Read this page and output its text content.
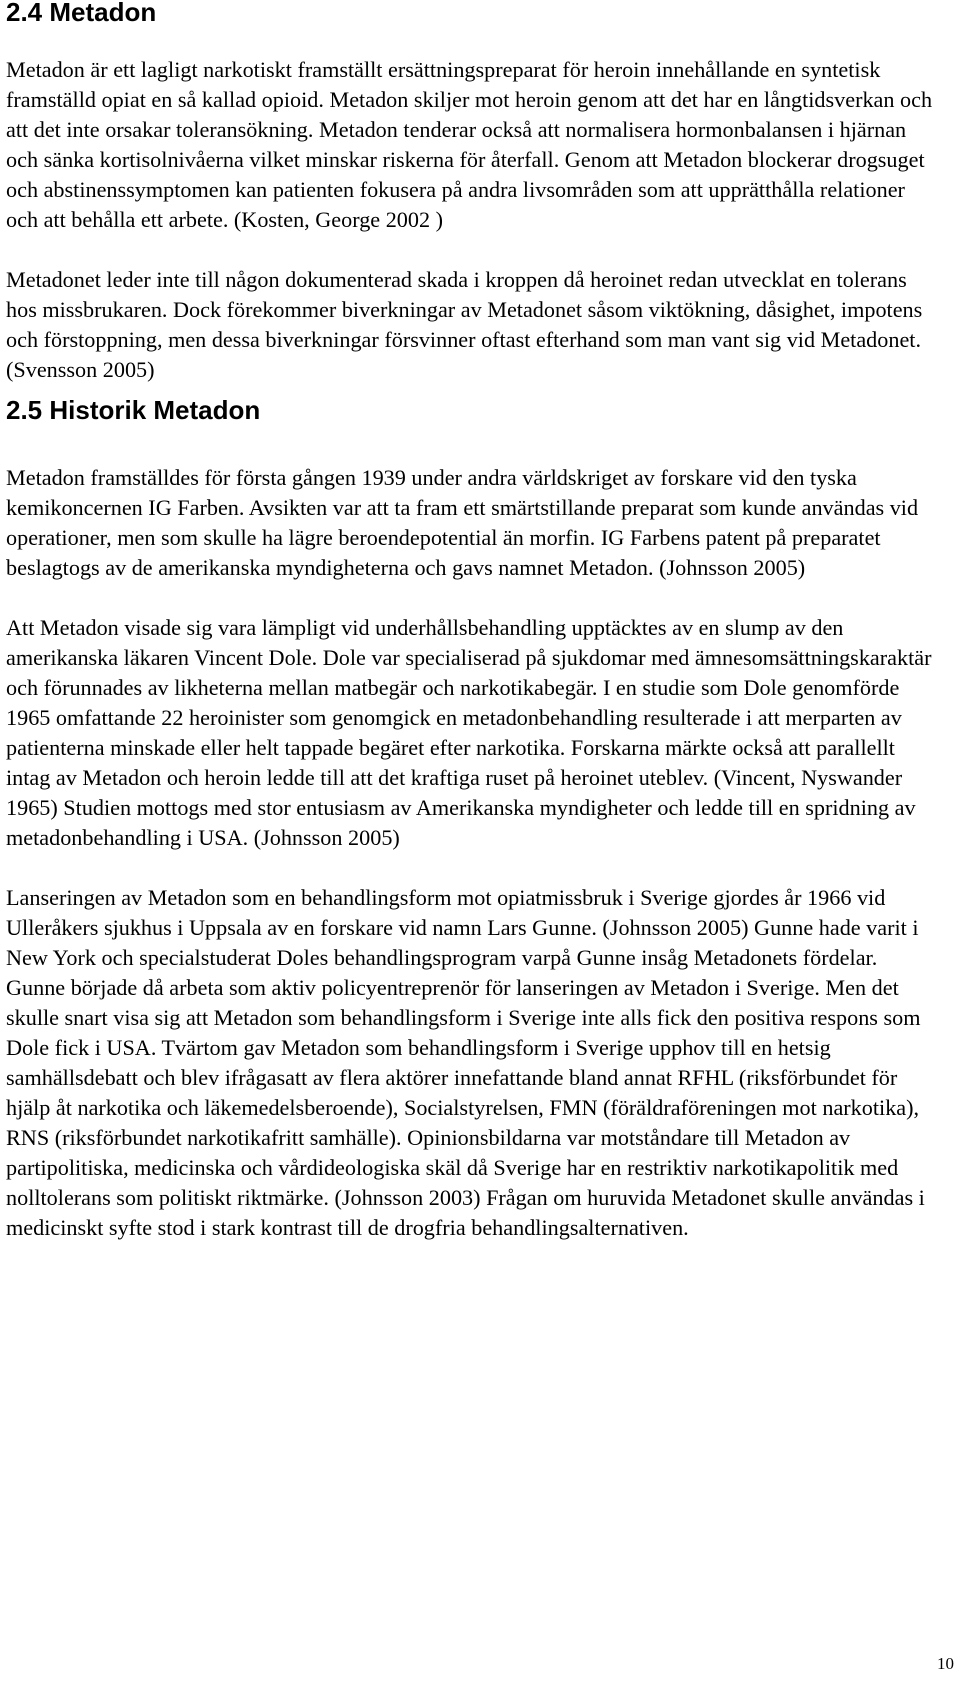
2.4 Metadon

Metadon är ett lagligt narkotiskt framställt ersättningspreparat för heroin innehållande en syntetisk framställd opiat en så kallad opioid. Metadon skiljer mot heroin genom att det har en långtidsverkan och att det inte orsakar toleransökning. Metadon tenderar också att normalisera hormonbalansen i hjärnan och sänka kortisolnivåerna vilket minskar riskerna för återfall. Genom att Metadon blockerar drogsuget och abstinenssymptomen kan patienten fokusera på andra livsområden som att upprätthålla relationer och att behålla ett arbete. (Kosten, George 2002 )

Metadonet leder inte till någon dokumenterad skada i kroppen då heroinet redan utvecklat en tolerans hos missbrukaren. Dock förekommer biverkningar av Metadonet såsom viktökning, dåsighet, impotens och förstoppning, men dessa biverkningar försvinner oftast efterhand som man vant sig vid Metadonet. (Svensson 2005)

2.5 Historik Metadon

Metadon framställdes för första gången 1939 under andra världskriget av forskare vid den tyska kemikoncernen IG Farben. Avsikten var att ta fram ett smärtstillande preparat som kunde användas vid operationer, men som skulle ha lägre beroendepotential än morfin. IG Farbens patent på preparatet beslagtogs av de amerikanska myndigheterna och gavs namnet Metadon. (Johnsson 2005)

Att Metadon visade sig vara lämpligt vid underhållsbehandling upptäcktes av en slump av den amerikanska läkaren Vincent Dole. Dole var specialiserad på sjukdomar med ämnesomsättningskaraktär och förunnades av likheterna mellan matbegär och narkotikabegär. I en studie som Dole genomförde 1965 omfattande 22 heroinister som genomgick en metadonbehandling resulterade i att merparten av patienterna minskade eller helt tappade begäret efter narkotika. Forskarna märkte också att parallellt intag av Metadon och heroin ledde till att det kraftiga ruset på heroinet uteblev. (Vincent, Nyswander 1965) Studien mottogs med stor entusiasm av Amerikanska myndigheter och ledde till en spridning av metadonbehandling i USA. (Johnsson 2005)

Lanseringen av Metadon som en behandlingsform mot opiatmissbruk i Sverige gjordes år 1966 vid Ulleråkers sjukhus i Uppsala av en forskare vid namn Lars Gunne. (Johnsson 2005) Gunne hade varit i New York och specialstuderat Doles behandlingsprogram varpå Gunne insåg Metadonets fördelar. Gunne började då arbeta som aktiv policyentreprenör för lanseringen av Metadon i Sverige. Men det skulle snart visa sig att Metadon som behandlingsform i Sverige inte alls fick den positiva respons som Dole fick i USA. Tvärtom gav Metadon som behandlingsform i Sverige upphov till en hetsig samhällsdebatt och blev ifrågasatt av flera aktörer innefattande bland annat RFHL (riksförbundet för hjälp åt narkotika och läkemedelsberoende), Socialstyrelsen, FMN (föräldraföreningen mot narkotika), RNS (riksförbundet narkotikafritt samhälle). Opinionsbildarna var motståndare till Metadon av partipolitiska, medicinska och vårdideologiska skäl då Sverige har en restriktiv narkotikapolitik med nolltolerans som politiskt riktmärke. (Johnsson 2003) Frågan om huruvida Metadonet skulle användas i medicinskt syfte stod i stark kontrast till de drogfria behandlingsalternativen.

10
